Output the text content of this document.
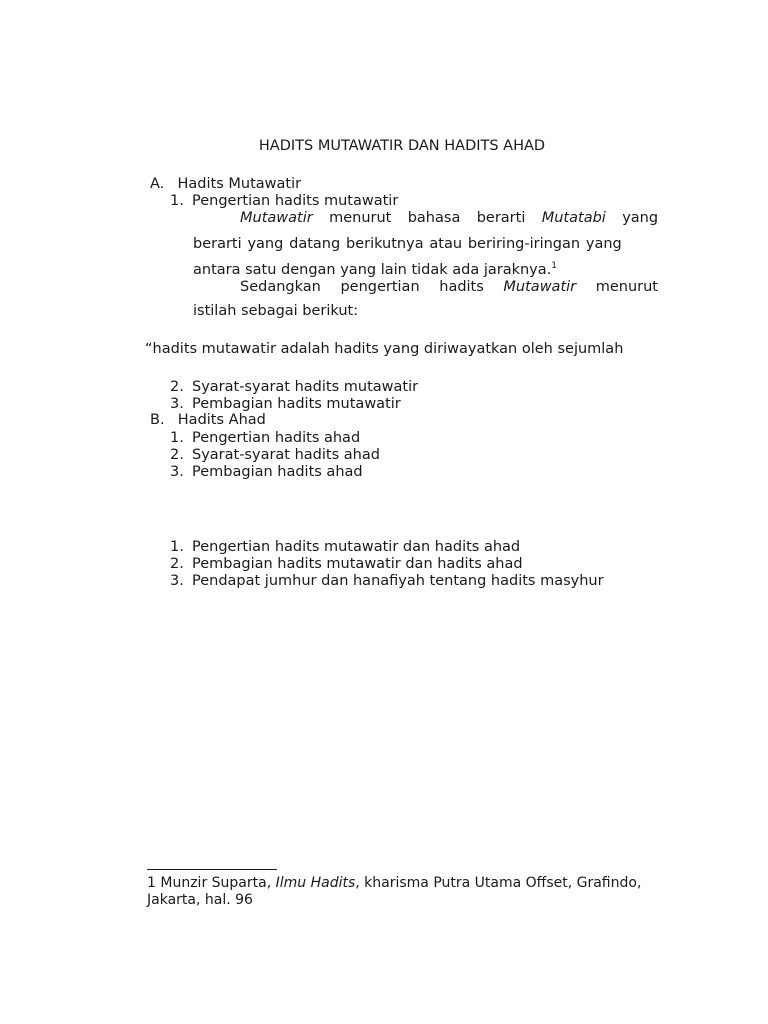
HADITS MUTAWATIR DAN HADITS AHAD
A. Hadits Mutawatir
1. Pengertian hadits mutawatir
Mutawatir menurut bahasa berarti Mutatabi yang
berarti yang datang berikutnya atau beriring-iringan yang
antara satu dengan yang lain tidak ada jaraknya.$^1$
Sedangkan pengertian hadits Mutawatir menurut
istilah sebagai berikut:
“hadits mutawatir adalah hadits yang diriwayatkan oleh sejumlah
2. Syarat-syarat hadits mutawatir
3. Pembagian hadits mutawatir
B. Hadits Ahad
1. Pengertian hadits ahad
2. Syarat-syarat hadits ahad
3. Pembagian hadits ahad
1. Pengertian hadits mutawatir dan hadits ahad
2. Pembagian hadits mutawatir dan hadits ahad
3. Pendapat jumhur dan hanafiyah tentang hadits masyhur
1 Munzir Suparta, Ilmu Hadits, kharisma Putra Utama Offset, Grafindo,
Jakarta, hal. 96
